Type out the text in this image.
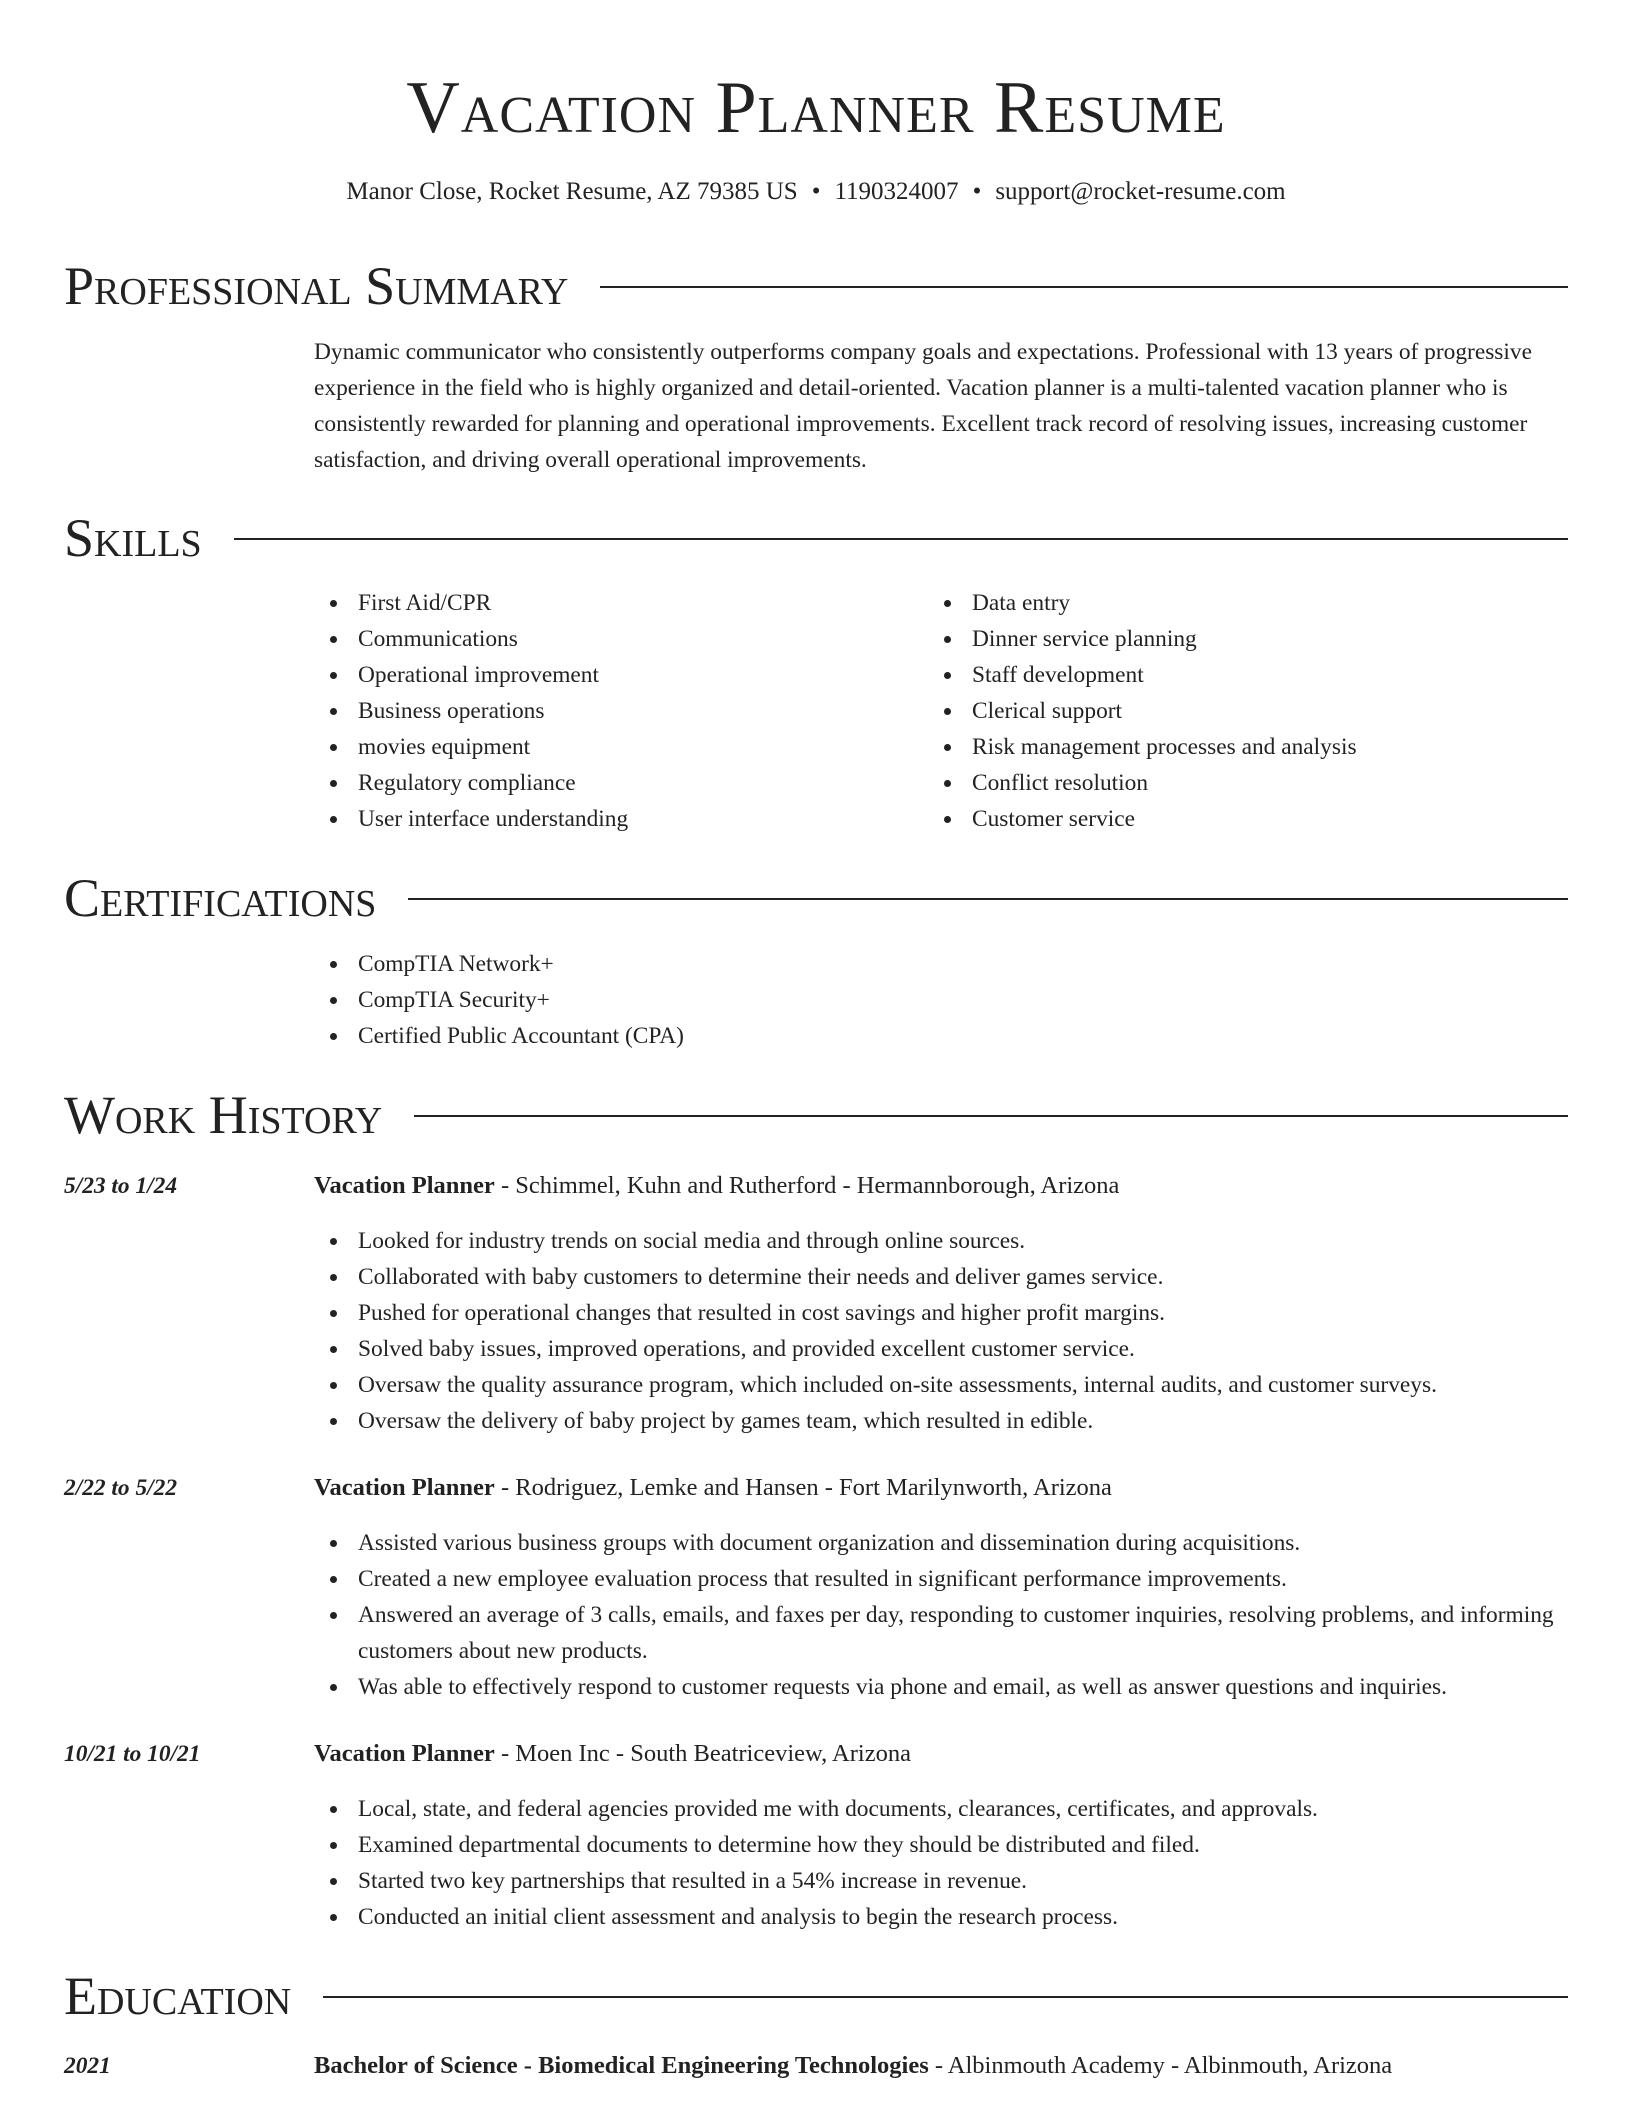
Vacation Planner Resume
Manor Close, Rocket Resume, AZ 79385 US • 1190324007 • support@rocket-resume.com
Professional Summary

Dynamic communicator who consistently outperforms company goals and expectations. Professional with 13 years of progressive experience in the field who is highly organized and detail-oriented. Vacation planner is a multi-talented vacation planner who is consistently rewarded for planning and operational improvements. Excellent track record of resolving issues, increasing customer satisfaction, and driving overall operational improvements.

Skills
First Aid/CPR
Communications
Operational improvement
Business operations
movies equipment
Regulatory compliance
User interface understanding
Data entry
Dinner service planning
Staff development
Clerical support
Risk management processes and analysis
Conflict resolution
Customer service
Certifications
CompTIA Network+
CompTIA Security+
Certified Public Accountant (CPA)
Work History
5/23 to 1/24	Vacation Planner - Schimmel, Kuhn and Rutherford - Hermannborough, Arizona
Looked for industry trends on social media and through online sources.
Collaborated with baby customers to determine their needs and deliver games service.
Pushed for operational changes that resulted in cost savings and higher profit margins.
Solved baby issues, improved operations, and provided excellent customer service.
Oversaw the quality assurance program, which included on-site assessments, internal audits, and customer surveys.
Oversaw the delivery of baby project by games team, which resulted in edible.
2/22 to 5/22	Vacation Planner - Rodriguez, Lemke and Hansen - Fort Marilynworth, Arizona
Assisted various business groups with document organization and dissemination during acquisitions.
Created a new employee evaluation process that resulted in significant performance improvements.
Answered an average of 3 calls, emails, and faxes per day, responding to customer inquiries, resolving problems, and informing customers about new products.
Was able to effectively respond to customer requests via phone and email, as well as answer questions and inquiries.
10/21 to 10/21	Vacation Planner - Moen Inc - South Beatriceview, Arizona
Local, state, and federal agencies provided me with documents, clearances, certificates, and approvals.
Examined departmental documents to determine how they should be distributed and filed.
Started two key partnerships that resulted in a 54% increase in revenue.
Conducted an initial client assessment and analysis to begin the research process.
Education
2021	Bachelor of Science - Biomedical Engineering Technologies - Albinmouth Academy - Albinmouth, Arizona
